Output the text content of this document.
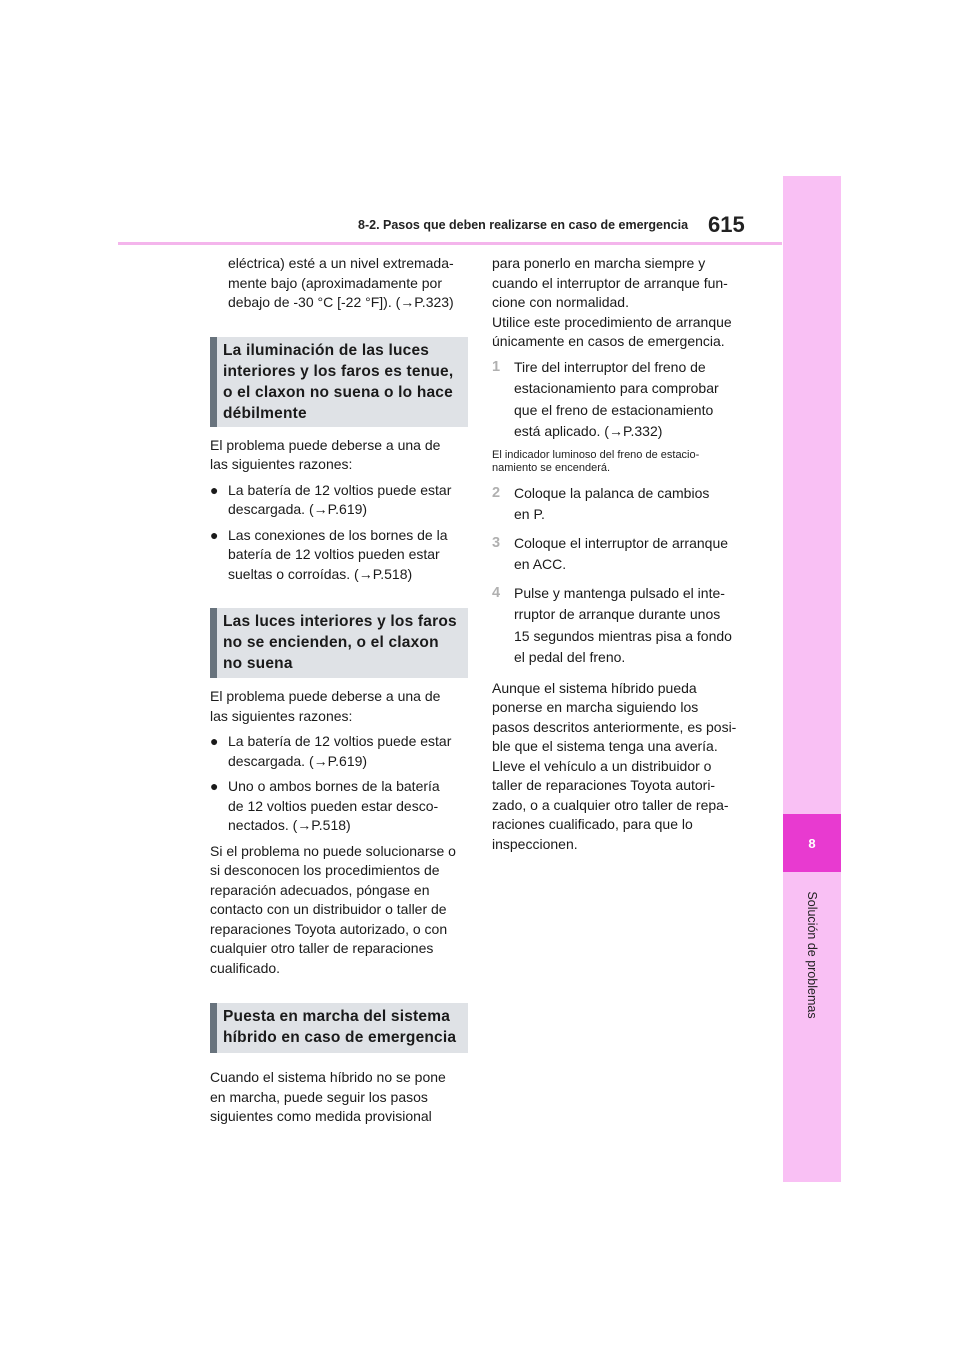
8-2. Pasos que deben realizarse en caso de emergencia 615
8
Solución de problemas

eléctrica) esté a un nivel extremada-
mente bajo (aproximadamente por
debajo de -30 °C [-22 °F]). (→P.323)

La iluminación de las luces interiores y los faros es tenue, o el claxon no suena o lo hace débilmente

El problema puede deberse a una de
las siguientes razones:

● La batería de 12 voltios puede estar
descargada. (→P.619)
● Las conexiones de los bornes de la
batería de 12 voltios pueden estar
sueltas o corroídas. (→P.518)
Las luces interiores y los faros no se encienden, o el claxon no suena

El problema puede deberse a una de
las siguientes razones:

● La batería de 12 voltios puede estar
descargada. (→P.619)
● Uno o ambos bornes de la batería
de 12 voltios pueden estar desco-
nectados. (→P.518)

Si el problema no puede solucionarse o
si desconocen los procedimientos de
reparación adecuados, póngase en
contacto con un distribuidor o taller de
reparaciones Toyota autorizado, o con
cualquier otro taller de reparaciones
cualificado.

Puesta en marcha del sistema híbrido en caso de emergencia

Cuando el sistema híbrido no se pone
en marcha, puede seguir los pasos
siguientes como medida provisional

para ponerlo en marcha siempre y
cuando el interruptor de arranque fun-
cione con normalidad.
Utilice este procedimiento de arranque
únicamente en casos de emergencia.

1 Tire del interruptor del freno de
estacionamiento para comprobar
que el freno de estacionamiento
está aplicado. (→P.332)

El indicador luminoso del freno de estacio-
namiento se encenderá.

2 Coloque la palanca de cambios
en P.
3 Coloque el interruptor de arranque
en ACC.
4 Pulse y mantenga pulsado el inte-
rruptor de arranque durante unos
15 segundos mientras pisa a fondo
el pedal del freno.

Aunque el sistema híbrido pueda
ponerse en marcha siguiendo los
pasos descritos anteriormente, es posi-
ble que el sistema tenga una avería.
Lleve el vehículo a un distribuidor o
taller de reparaciones Toyota autori-
zado, o a cualquier otro taller de repa-
raciones cualificado, para que lo
inspeccionen.
